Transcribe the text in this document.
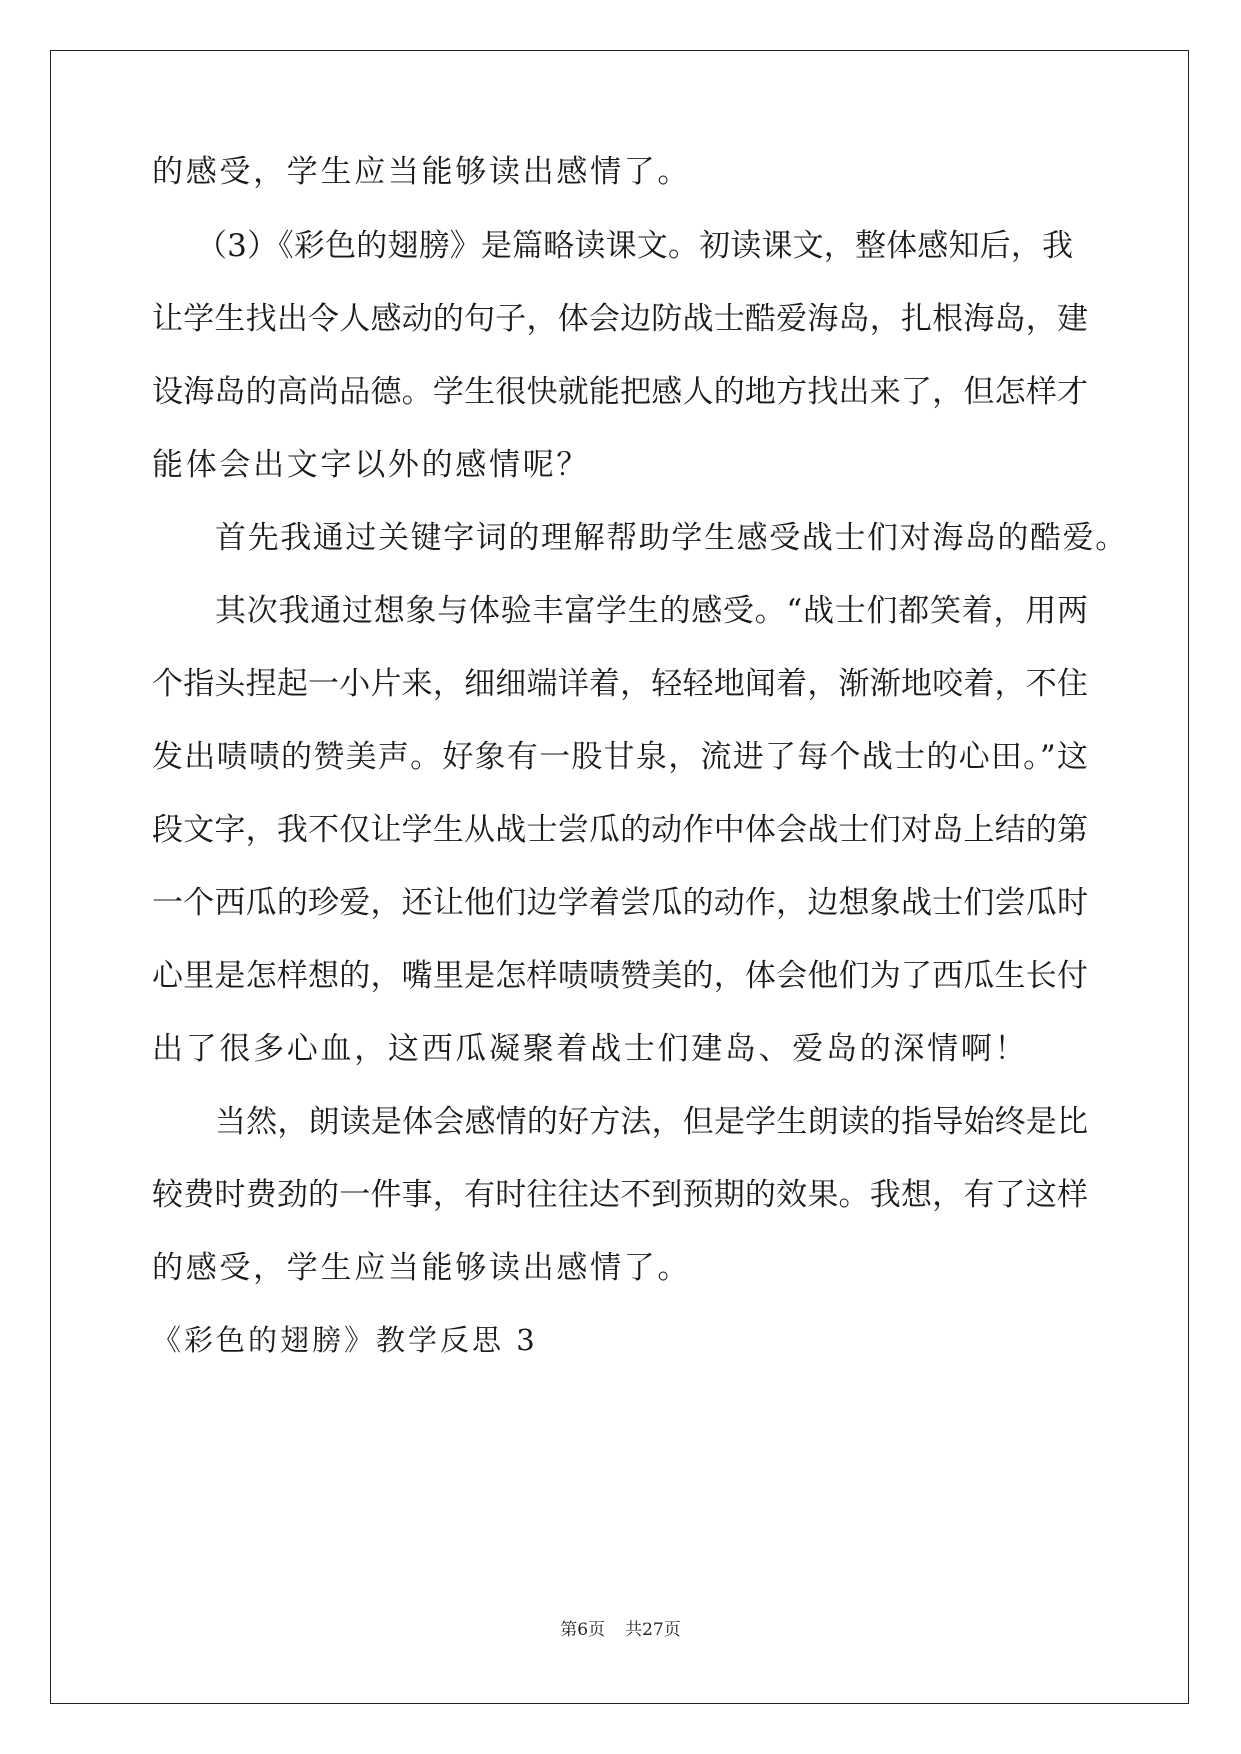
的感受，学生应当能够读出感情了。
（3）《彩色的翅膀》是篇略读课文。初读课文，整体感知后，我
让学生找出令人感动的句子，体会边防战士酷爱海岛，扎根海岛，建
设海岛的高尚品德。学生很快就能把感人的地方找出来了，但怎样才
能体会出文字以外的感情呢？
首先我通过关键字词的理解帮助学生感受战士们对海岛的酷爱。
其次我通过想象与体验丰富学生的感受。“战士们都笑着，用两
个指头捏起一小片来，细细端详着，轻轻地闻着，渐渐地咬着，不住
发出啧啧的赞美声。好象有一股甘泉，流进了每个战士的心田。”这
段文字，我不仅让学生从战士尝瓜的动作中体会战士们对岛上结的第
一个西瓜的珍爱，还让他们边学着尝瓜的动作，边想象战士们尝瓜时
心里是怎样想的，嘴里是怎样啧啧赞美的，体会他们为了西瓜生长付
出了很多心血，这西瓜凝聚着战士们建岛、爱岛的深情啊！
当然，朗读是体会感情的好方法，但是学生朗读的指导始终是比
较费时费劲的一件事，有时往往达不到预期的效果。我想，有了这样
的感受，学生应当能够读出感情了。
《彩色的翅膀》教学反思 3
第6页 共27页
